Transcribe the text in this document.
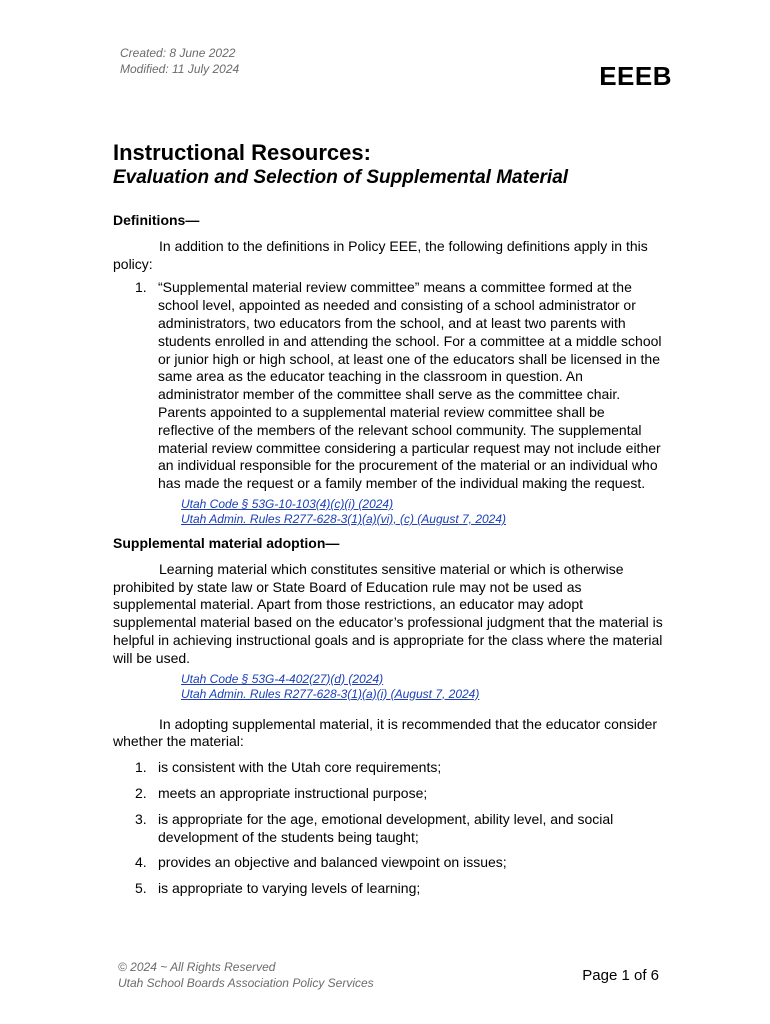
Created: 8 June 2022
Modified: 11 July 2024	EEEB
Instructional Resources:
Evaluation and Selection of Supplemental Material
Definitions—

In addition to the definitions in Policy EEE, the following definitions apply in this policy:

1. “Supplemental material review committee” means a committee formed at the school level, appointed as needed and consisting of a school administrator or administrators, two educators from the school, and at least two parents with students enrolled in and attending the school. For a committee at a middle school or junior high or high school, at least one of the educators shall be licensed in the same area as the educator teaching in the classroom in question. An administrator member of the committee shall serve as the committee chair. Parents appointed to a supplemental material review committee shall be reflective of the members of the relevant school community. The supplemental material review committee considering a particular request may not include either an individual responsible for the procurement of the material or an individual who has made the request or a family member of the individual making the request.
Utah Code § 53G-10-103(4)(c)(i) (2024)
Utah Admin. Rules R277-628-3(1)(a)(vi), (c) (August 7, 2024)
Supplemental material adoption—

Learning material which constitutes sensitive material or which is otherwise prohibited by state law or State Board of Education rule may not be used as supplemental material. Apart from those restrictions, an educator may adopt supplemental material based on the educator’s professional judgment that the material is helpful in achieving instructional goals and is appropriate for the class where the material will be used.

Utah Code § 53G-4-402(27)(d) (2024)
Utah Admin. Rules R277-628-3(1)(a)(i) (August 7, 2024)

In adopting supplemental material, it is recommended that the educator consider whether the material:

1. is consistent with the Utah core requirements;
2. meets an appropriate instructional purpose;
3. is appropriate for the age, emotional development, ability level, and social development of the students being taught;
4. provides an objective and balanced viewpoint on issues;
5. is appropriate to varying levels of learning;
© 2024 ~ All Rights Reserved
Utah School Boards Association Policy Services	Page 1 of 6
